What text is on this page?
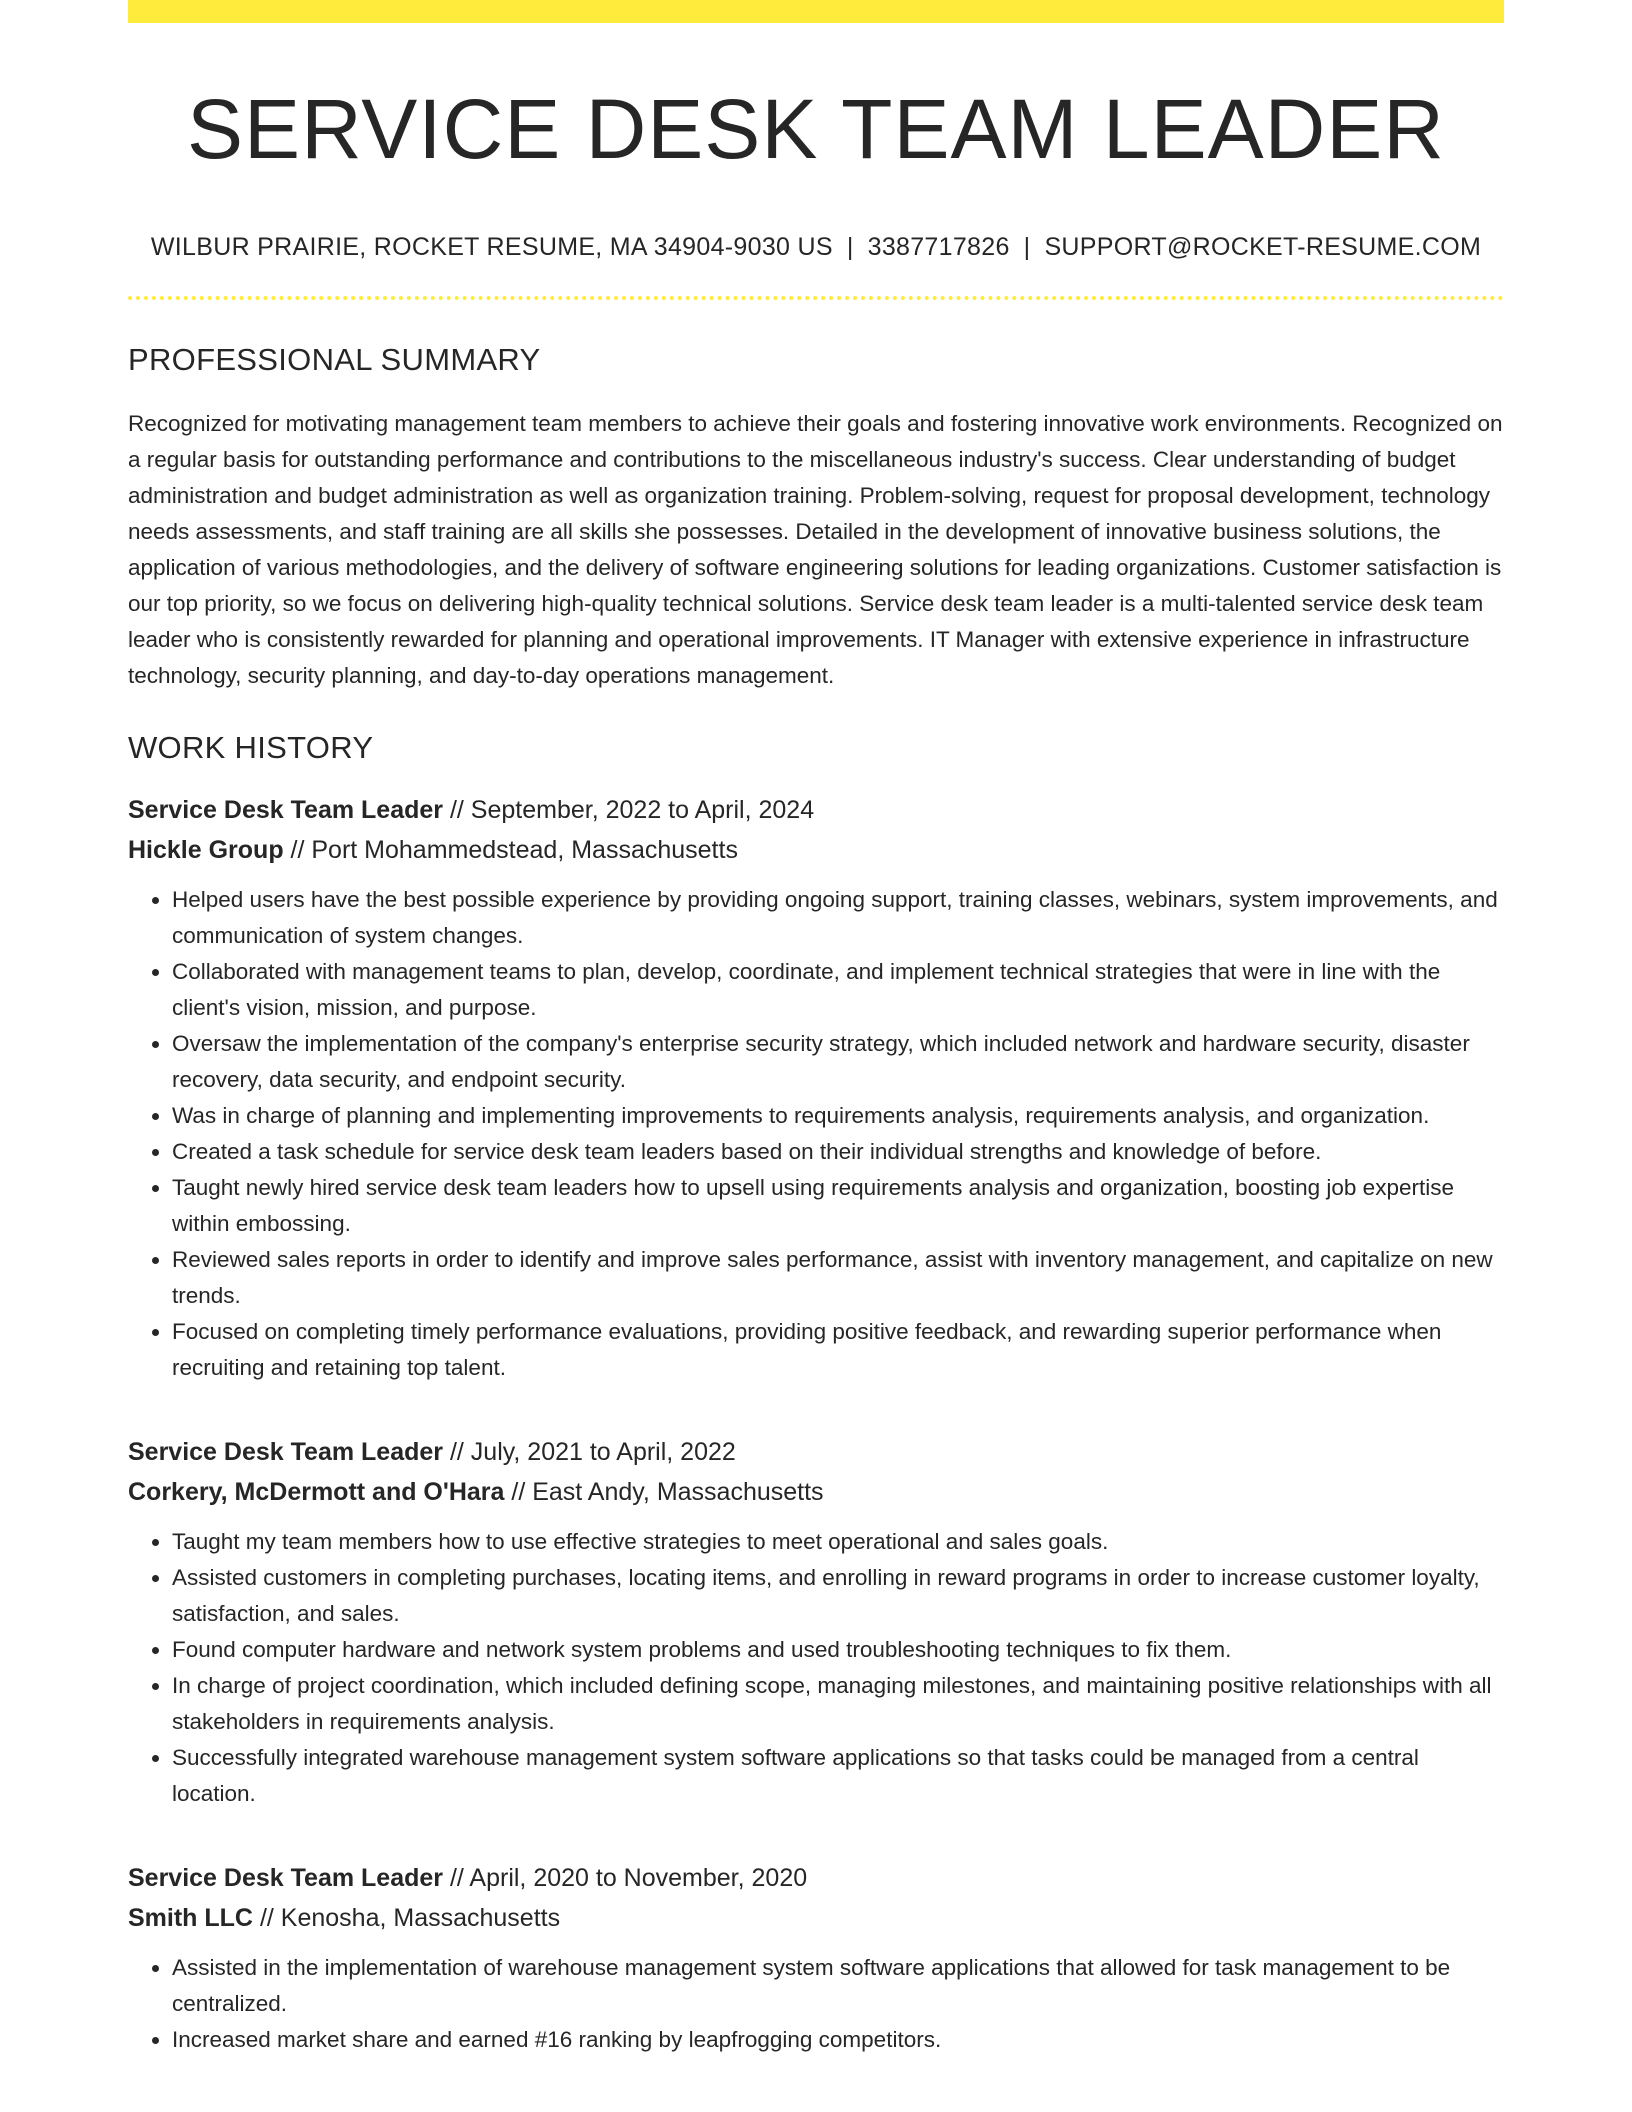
SERVICE DESK TEAM LEADER
WILBUR PRAIRIE, ROCKET RESUME, MA 34904-9030 US | 3387717826 | SUPPORT@ROCKET-RESUME.COM
PROFESSIONAL SUMMARY

Recognized for motivating management team members to achieve their goals and fostering innovative work environments. Recognized on a regular basis for outstanding performance and contributions to the miscellaneous industry's success. Clear understanding of budget administration and budget administration as well as organization training. Problem-solving, request for proposal development, technology needs assessments, and staff training are all skills she possesses. Detailed in the development of innovative business solutions, the application of various methodologies, and the delivery of software engineering solutions for leading organizations. Customer satisfaction is our top priority, so we focus on delivering high-quality technical solutions. Service desk team leader is a multi-talented service desk team leader who is consistently rewarded for planning and operational improvements. IT Manager with extensive experience in infrastructure technology, security planning, and day-to-day operations management.

WORK HISTORY
Service Desk Team Leader // September, 2022 to April, 2024
Hickle Group // Port Mohammedstead, Massachusetts
• Helped users have the best possible experience by providing ongoing support, training classes, webinars, system improvements, and communication of system changes.
• Collaborated with management teams to plan, develop, coordinate, and implement technical strategies that were in line with the client's vision, mission, and purpose.
• Oversaw the implementation of the company's enterprise security strategy, which included network and hardware security, disaster recovery, data security, and endpoint security.
• Was in charge of planning and implementing improvements to requirements analysis, requirements analysis, and organization.
• Created a task schedule for service desk team leaders based on their individual strengths and knowledge of before.
• Taught newly hired service desk team leaders how to upsell using requirements analysis and organization, boosting job expertise within embossing.
• Reviewed sales reports in order to identify and improve sales performance, assist with inventory management, and capitalize on new trends.
• Focused on completing timely performance evaluations, providing positive feedback, and rewarding superior performance when recruiting and retaining top talent.
Service Desk Team Leader // July, 2021 to April, 2022
Corkery, McDermott and O'Hara // East Andy, Massachusetts
• Taught my team members how to use effective strategies to meet operational and sales goals.
• Assisted customers in completing purchases, locating items, and enrolling in reward programs in order to increase customer loyalty, satisfaction, and sales.
• Found computer hardware and network system problems and used troubleshooting techniques to fix them.
• In charge of project coordination, which included defining scope, managing milestones, and maintaining positive relationships with all stakeholders in requirements analysis.
• Successfully integrated warehouse management system software applications so that tasks could be managed from a central location.
Service Desk Team Leader // April, 2020 to November, 2020
Smith LLC // Kenosha, Massachusetts
• Assisted in the implementation of warehouse management system software applications that allowed for task management to be centralized.
• Increased market share and earned #16 ranking by leapfrogging competitors.
